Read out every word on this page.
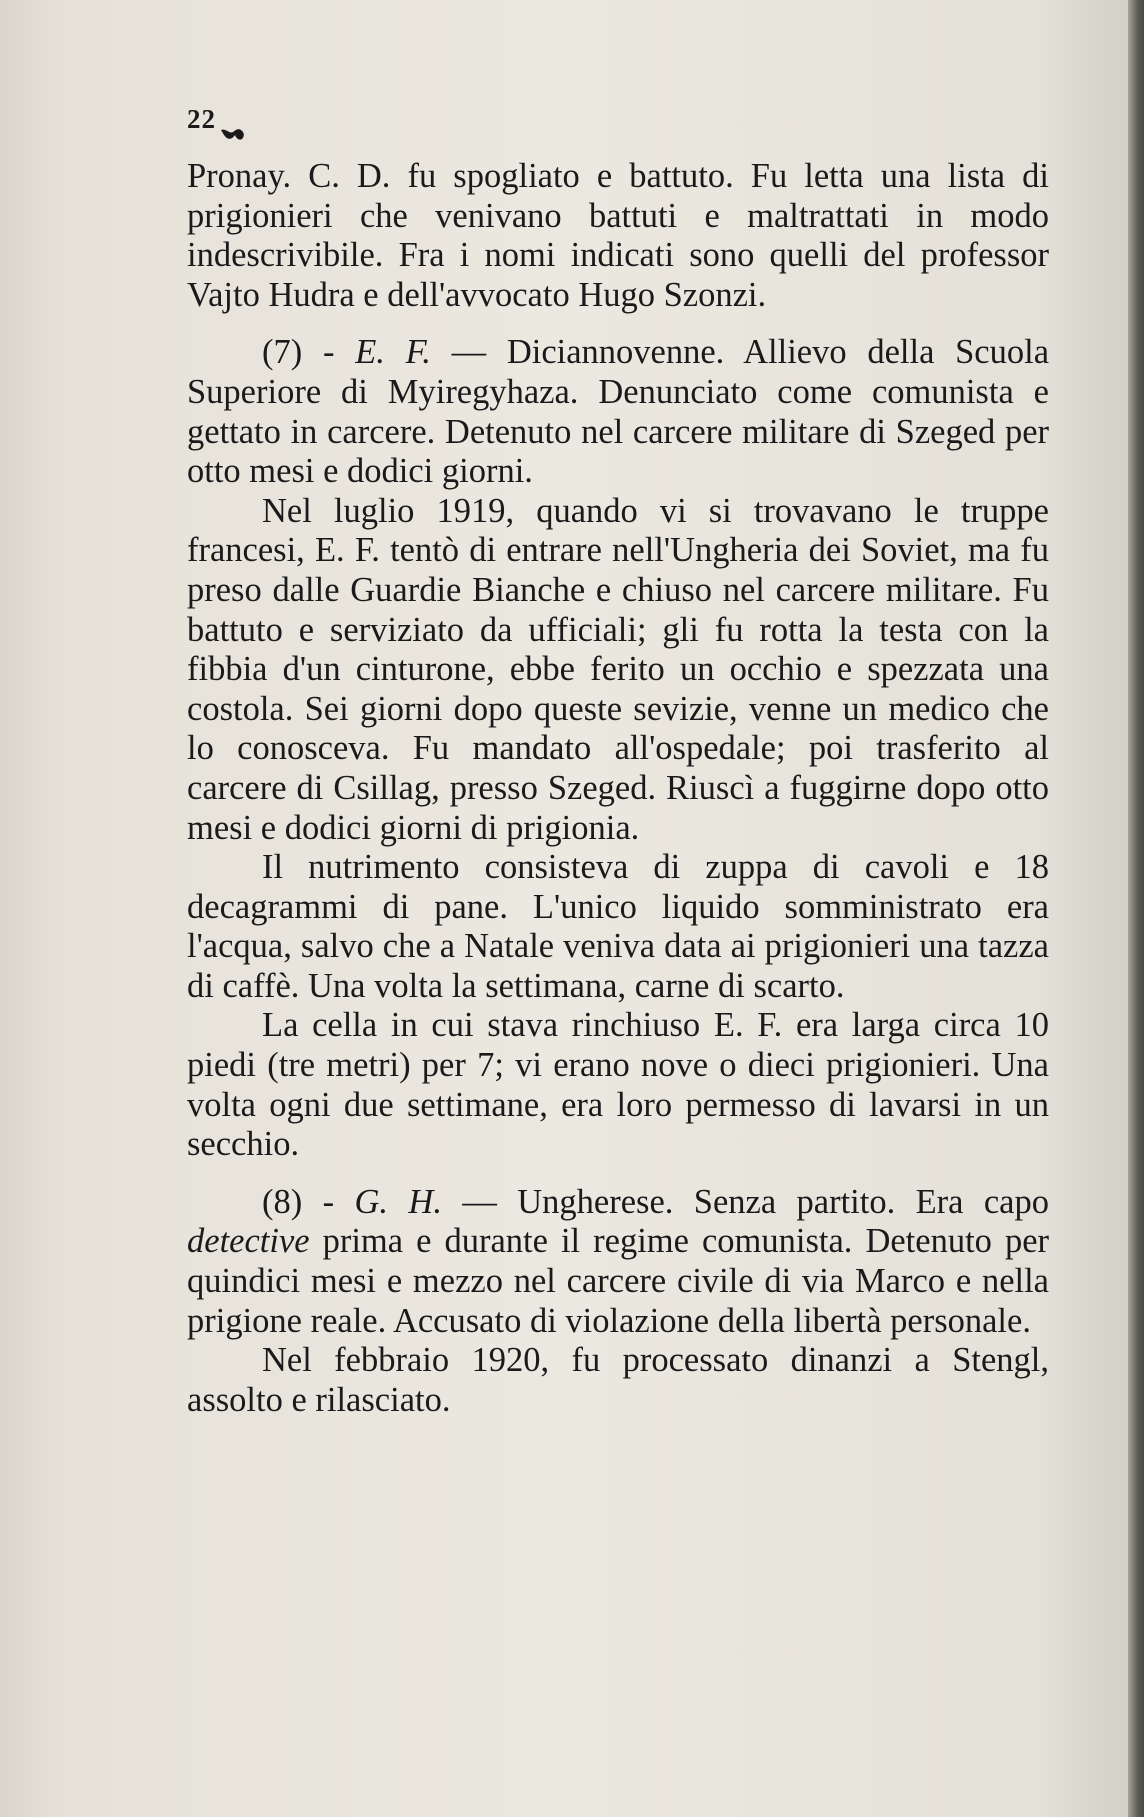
22

Pronay. C. D. fu spogliato e battuto. Fu letta una lista di prigionieri che venivano battuti e maltrattati in modo indescrivibile. Fra i nomi indicati sono quelli del professor Vajto Hudra e dell'avvocato Hugo Szonzi.

(7) - E. F. — Diciannovenne. Allievo della Scuola Superiore di Myiregyhaza. Denunciato come comunista e gettato in carcere. Detenuto nel carcere militare di Szeged per otto mesi e dodici giorni.

Nel luglio 1919, quando vi si trovavano le truppe francesi, E. F. tentò di entrare nell'Ungheria dei Soviet, ma fu preso dalle Guardie Bianche e chiuso nel carcere militare. Fu battuto e serviziato da ufficiali; gli fu rotta la testa con la fibbia d'un cinturone, ebbe ferito un occhio e spezzata una costola. Sei giorni dopo queste sevizie, venne un medico che lo conosceva. Fu mandato all'ospedale; poi trasferito al carcere di Csillag, presso Szeged. Riuscì a fuggirne dopo otto mesi e dodici giorni di prigionia.

Il nutrimento consisteva di zuppa di cavoli e 18 decagrammi di pane. L'unico liquido somministrato era l'acqua, salvo che a Natale veniva data ai prigionieri una tazza di caffè. Una volta la settimana, carne di scarto.

La cella in cui stava rinchiuso E. F. era larga circa 10 piedi (tre metri) per 7; vi erano nove o dieci prigionieri. Una volta ogni due settimane, era loro permesso di lavarsi in un secchio.

(8) - G. H. — Ungherese. Senza partito. Era capo detective prima e durante il regime comunista. Detenuto per quindici mesi e mezzo nel carcere civile di via Marco e nella prigione reale. Accusato di violazione della libertà personale.

Nel febbraio 1920, fu processato dinanzi a Stengl, assolto e rilasciato.
